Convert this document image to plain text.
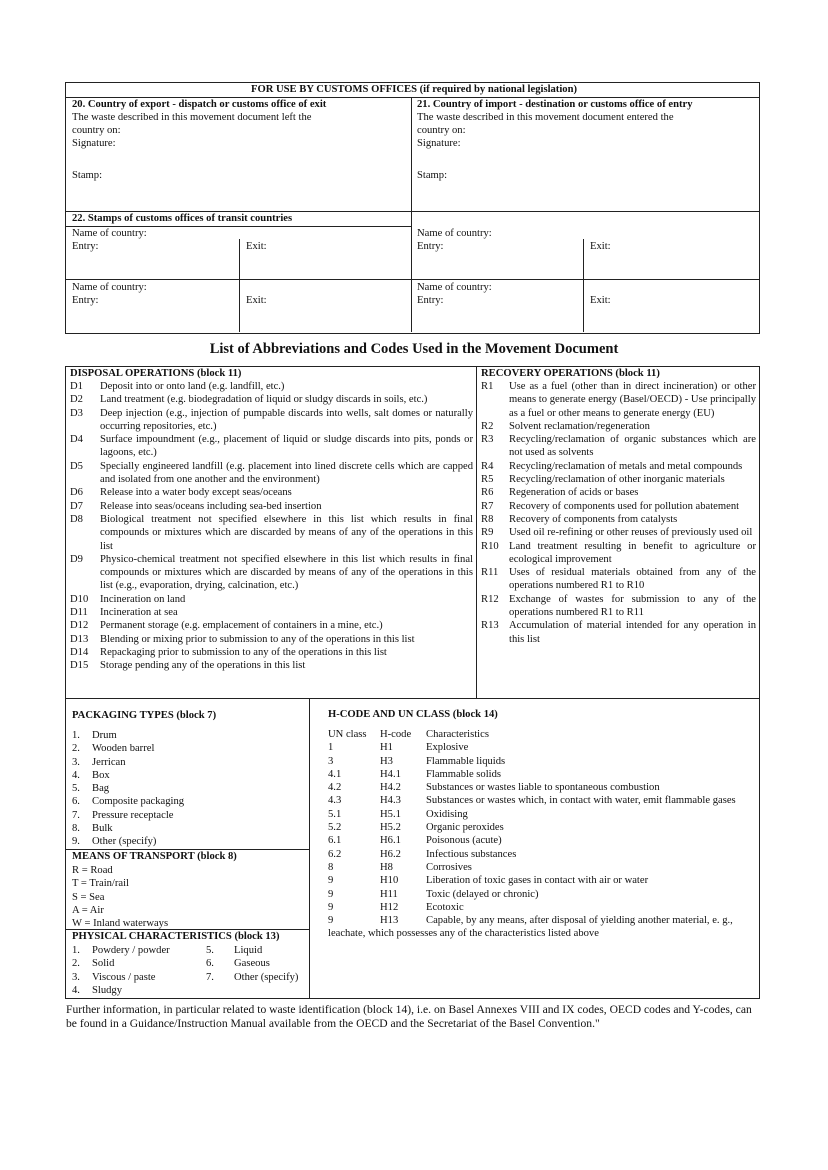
FOR USE BY CUSTOMS OFFICES (if required by national legislation)
20. Country of export - dispatch or customs office of exit
The waste described in this movement document left the
country on:
Signature:
Stamp:
21. Country of import - destination or customs office of entry
The waste described in this movement document entered the
country on:
Signature:
Stamp:
22. Stamps of customs offices of transit countries
Name of country:
Entry:	Exit:
Name of country:
Entry:	Exit:
Name of country:
Entry:	Exit:
Name of country:
Entry:	Exit:
List of Abbreviations and Codes Used in the Movement Document
DISPOSAL OPERATIONS (block 11)
D1	Deposit into or onto land (e.g. landfill, etc.)
D2	Land treatment (e.g. biodegradation of liquid or sludgy discards in soils, etc.)
D3	Deep injection (e.g., injection of pumpable discards into wells, salt domes or naturally occurring repositories, etc.)
D4	Surface impoundment (e.g., placement of liquid or sludge discards into pits, ponds or lagoons, etc.)
D5	Specially engineered landfill (e.g. placement into lined discrete cells which are capped and isolated from one another and the environment)
D6	Release into a water body except seas/oceans
D7	Release into seas/oceans including sea-bed insertion
D8	Biological treatment not specified elsewhere in this list which results in final compounds or mixtures which are discarded by means of any of the operations in this list
D9	Physico-chemical treatment not specified elsewhere in this list which results in final compounds or mixtures which are discarded by means of any of the operations in this list (e.g., evaporation, drying, calcination, etc.)
D10	Incineration on land
D11	Incineration at sea
D12	Permanent storage (e.g. emplacement of containers in a mine, etc.)
D13	Blending or mixing prior to submission to any of the operations in this list
D14	Repackaging prior to submission to any of the operations in this list
D15	Storage pending any of the operations in this list
RECOVERY OPERATIONS (block 11)
R1	Use as a fuel (other than in direct incineration) or other means to generate energy (Basel/OECD) - Use principally as a fuel or other means to generate energy (EU)
R2	Solvent reclamation/regeneration
R3	Recycling/reclamation of organic substances which are not used as solvents
R4	Recycling/reclamation of metals and metal compounds
R5	Recycling/reclamation of other inorganic materials
R6	Regeneration of acids or bases
R7	Recovery of components used for pollution abatement
R8	Recovery of components from catalysts
R9	Used oil re-refining or other reuses of previously used oil
R10 Land treatment resulting in benefit to agriculture or ecological improvement
R11	Uses of residual materials obtained from any of the operations numbered R1 to R10
R12 Exchange of wastes for submission to any of the operations numbered R1 to R11
R13 Accumulation of material intended for any operation in this list
PACKAGING TYPES (block 7)
1. Drum
2. Wooden barrel
3. Jerrican
4. Box
5. Bag
6. Composite packaging
7. Pressure receptacle
8. Bulk
9. Other (specify)
MEANS OF TRANSPORT (block 8)
R = Road
T = Train/rail
S = Sea
A = Air
W = Inland waterways
PHYSICAL CHARACTERISTICS (block 13)
1. Powdery / powder
2. Solid
3. Viscous / paste
4. Sludgy
5. Liquid
6. Gaseous
7. Other (specify)
H-CODE AND UN CLASS (block 14)
UN class	H-code	Characteristics
1	H1	Explosive
3	H3	Flammable liquids
4.1	H4.1	Flammable solids
4.2	H4.2	Substances or wastes liable to spontaneous combustion
4.3	H4.3	Substances or wastes which, in contact with water, emit flammable gases
5.1	H5.1	Oxidising
5.2	H5.2	Organic peroxides
6.1	H6.1	Poisonous (acute)
6.2	H6.2	Infectious substances
8	H8	Corrosives
9	H10	Liberation of toxic gases in contact with air or water
9	H11	Toxic (delayed or chronic)
9	H12	Ecotoxic
9	H13	Capable, by any means, after disposal of yielding another material, e. g., leachate, which possesses any of the characteristics listed above
Further information, in particular related to waste identification (block 14), i.e. on Basel Annexes VIII and IX codes, OECD codes and Y-codes, can be found in a Guidance/Instruction Manual available from the OECD and the Secretariat of the Basel Convention."
